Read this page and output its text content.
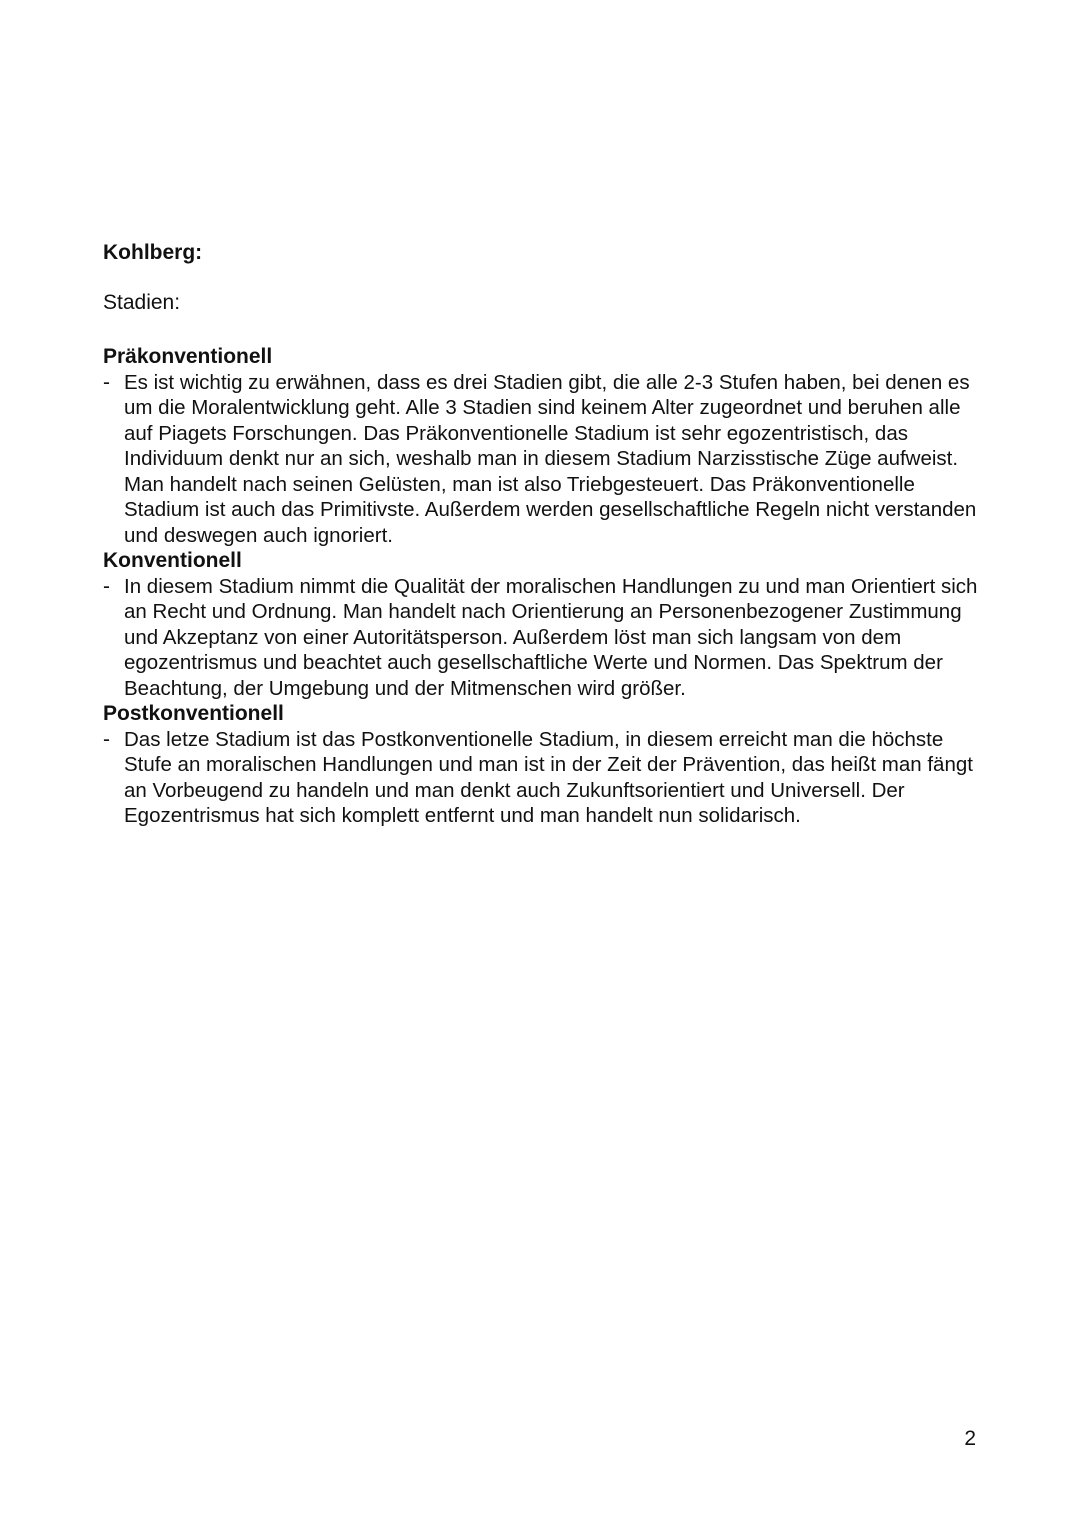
Kohlberg:

Stadien:

Präkonventionell

- Es ist wichtig zu erwähnen, dass es drei Stadien gibt, die alle 2-3 Stufen haben, bei denen es um die Moralentwicklung geht. Alle 3 Stadien sind keinem Alter zugeordnet und beruhen alle auf Piagets Forschungen. Das Präkonventionelle Stadium ist sehr egozentristisch, das Individuum denkt nur an sich, weshalb man in diesem Stadium Narzisstische Züge aufweist. Man handelt nach seinen Gelüsten, man ist also Triebgesteuert. Das Präkonventionelle Stadium ist auch das Primitivste. Außerdem werden gesellschaftliche Regeln nicht verstanden und deswegen auch ignoriert.

Konventionell

- In diesem Stadium nimmt die Qualität der moralischen Handlungen zu und man Orientiert sich an Recht und Ordnung. Man handelt nach Orientierung an Personenbezogener Zustimmung und Akzeptanz von einer Autoritätsperson. Außerdem löst man sich langsam von dem egozentrismus und beachtet auch gesellschaftliche Werte und Normen. Das Spektrum der Beachtung, der Umgebung und der Mitmenschen wird größer.

Postkonventionell

- Das letze Stadium ist das Postkonventionelle Stadium, in diesem erreicht man die höchste Stufe an moralischen Handlungen und man ist in der Zeit der Prävention, das heißt man fängt an Vorbeugend zu handeln und man denkt auch Zukunftsorientiert und Universell. Der Egozentrismus hat sich komplett entfernt und man handelt nun solidarisch.

2
